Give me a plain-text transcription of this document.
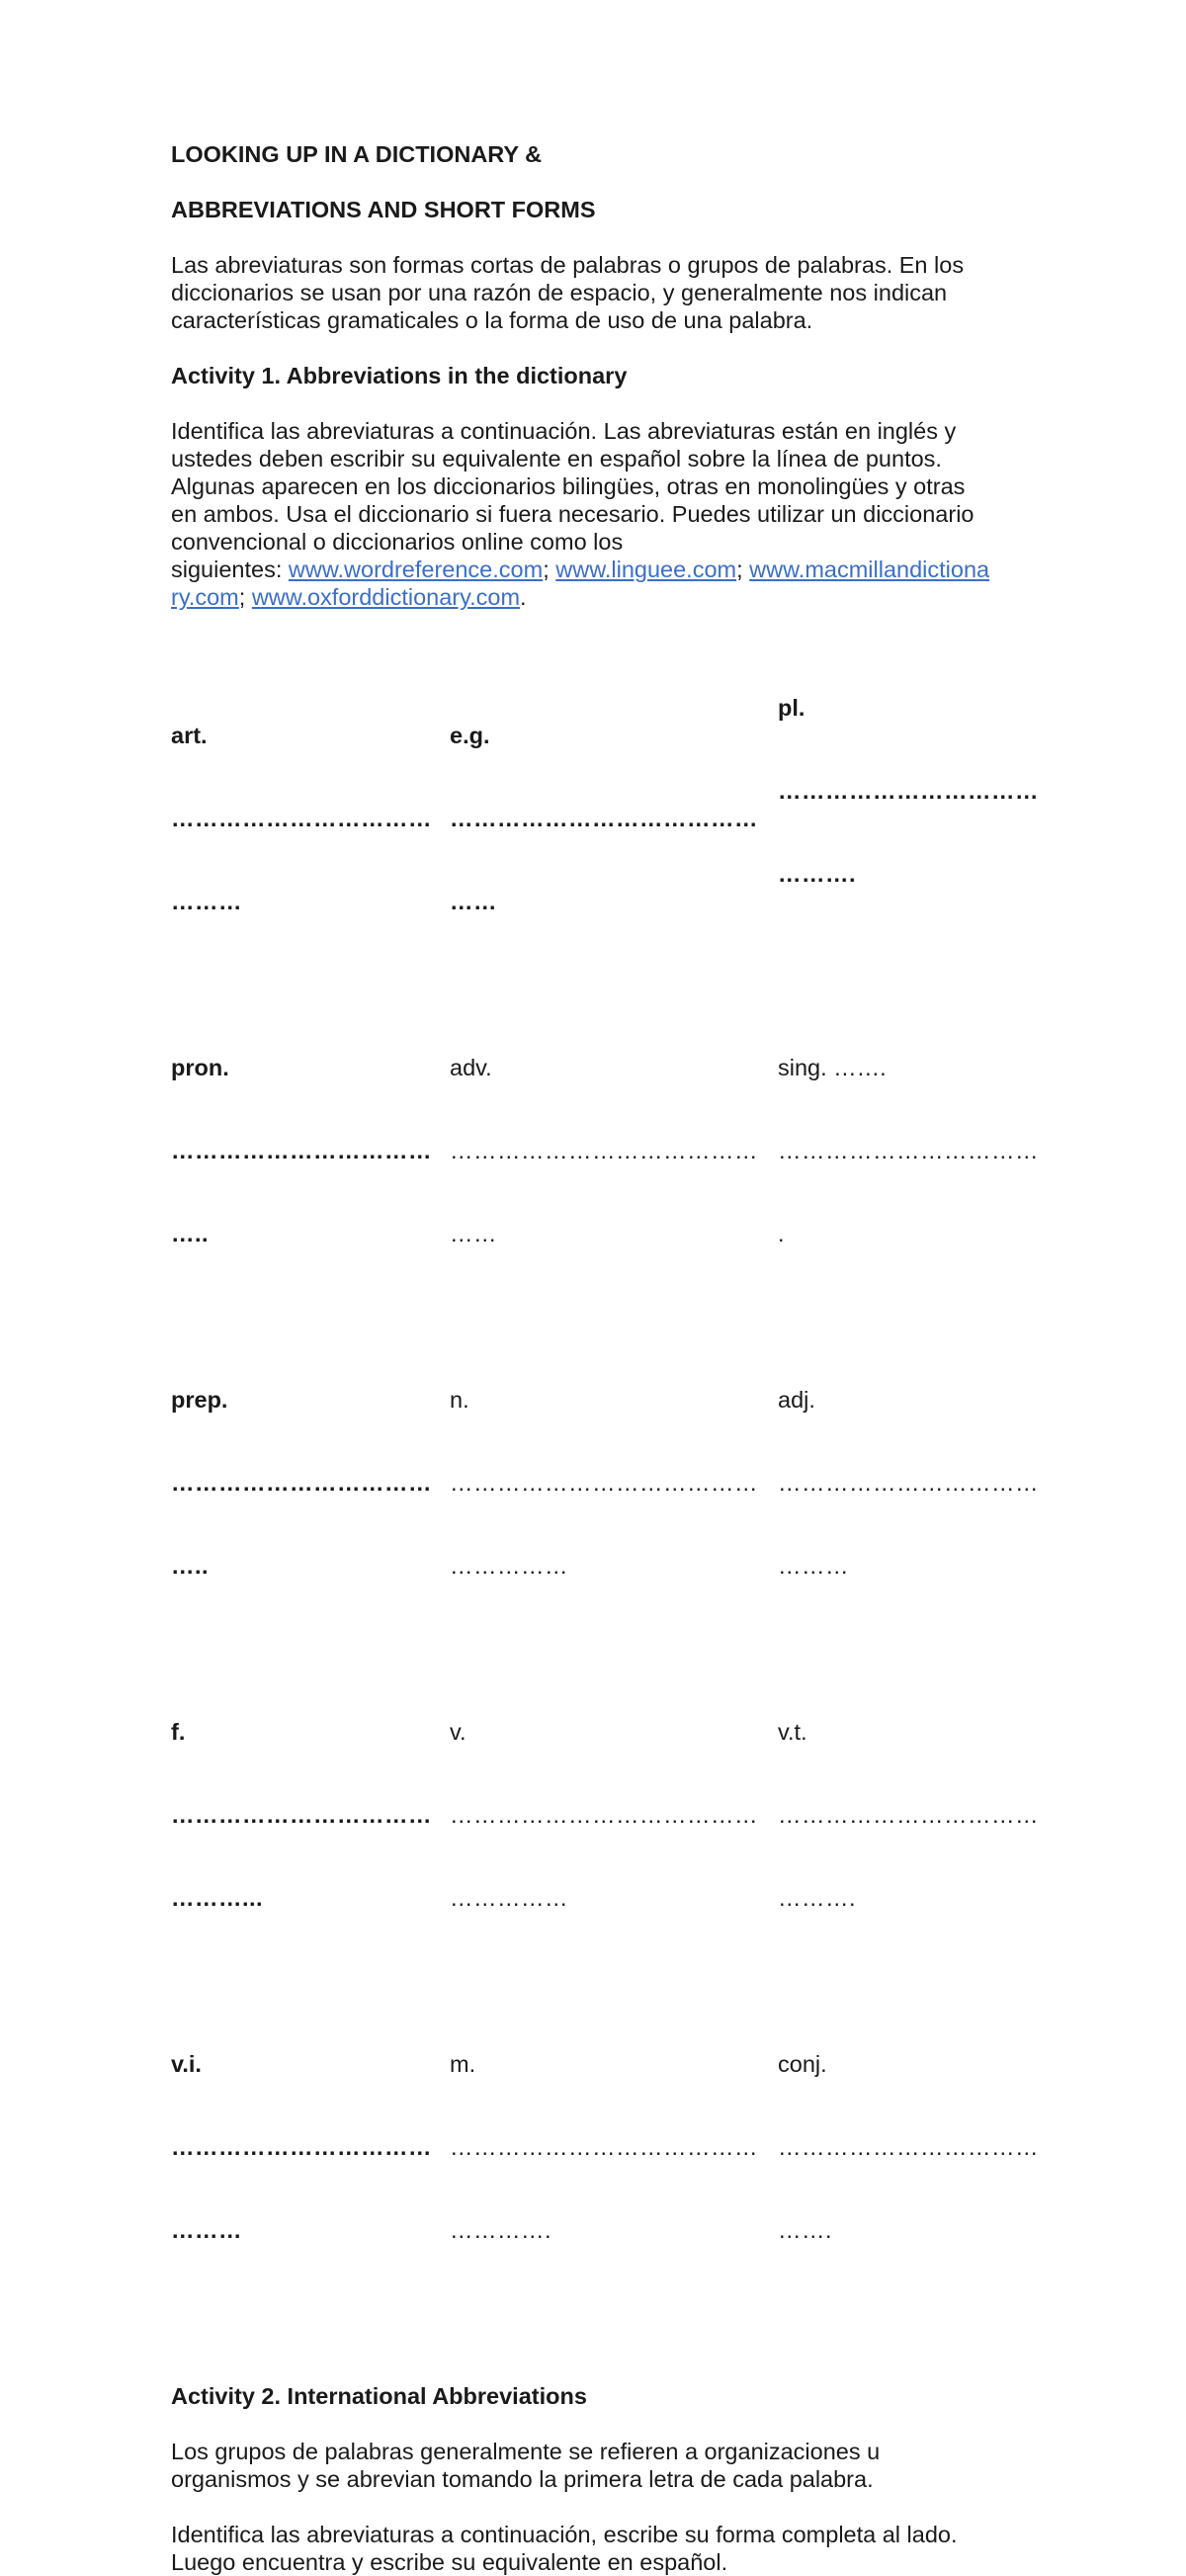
LOOKING UP IN A DICTIONARY &

ABBREVIATIONS AND SHORT FORMS

Las abreviaturas son formas cortas de palabras o grupos de palabras. En los

diccionarios se usan por una razón de espacio, y generalmente nos indican

características gramaticales o la forma de uso de una palabra.

Activity 1. Abbreviations in the dictionary

Identifica las abreviaturas a continuación. Las abreviaturas están en inglés y

ustedes deben escribir su equivalente en español sobre la línea de puntos.

Algunas aparecen en los diccionarios bilingües, otras en monolingües y otras

en ambos. Usa el diccionario si fuera necesario. Puedes utilizar un diccionario

convencional o diccionarios online como los

siguientes: www.wordreference.com; www.linguee.com; www.macmillandictiona

ry.com; www.oxforddictionary.com.

art.

……………………………

………

e.g.

…………………………………

……

pl.

……………………………

……….

pron.

……………………………

…..

adv.

…………………………………

……

sing. …….

……………………………

.

prep.

……………………………

…..

n.

…………………………………

……………

adj.

……………………………

………

f.

……………………………

………...

v.

…………………………………

……………

v.t.

……………………………

……….

v.i.

……………………………

………

m.

…………………………………

………….

conj.

……………………………

…….

Activity 2. International Abbreviations

Los grupos de palabras generalmente se refieren a organizaciones u

organismos y se abrevian tomando la primera letra de cada palabra.

Identifica las abreviaturas a continuación, escribe su forma completa al lado.

Luego encuentra y escribe su equivalente en español.
